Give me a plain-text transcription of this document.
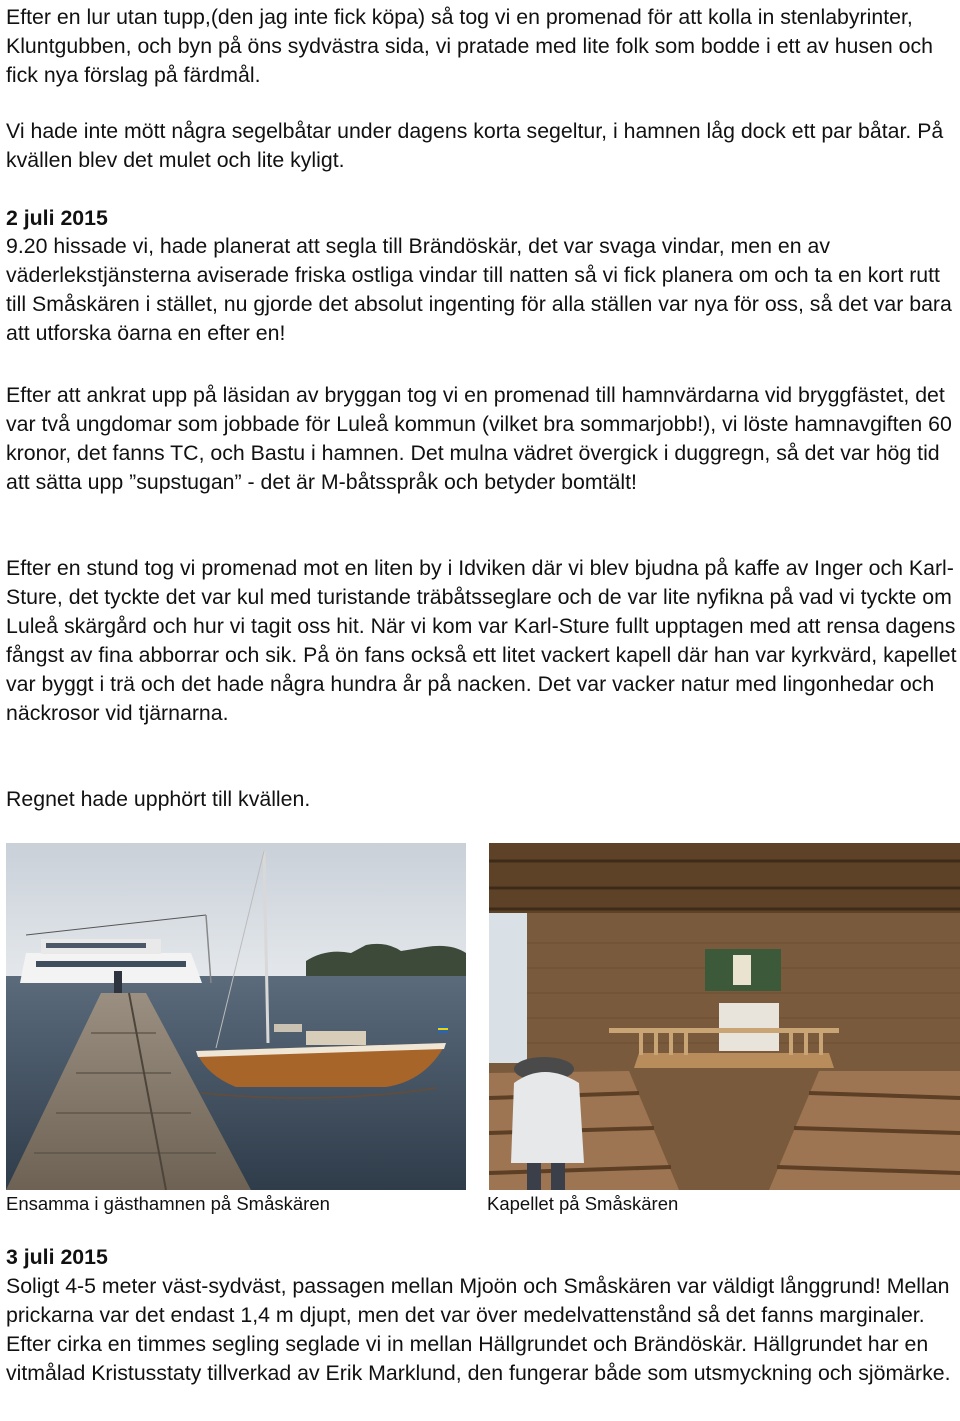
Efter en lur utan tupp,(den jag inte fick köpa) så tog vi en promenad för att kolla in stenlabyrinter, Kluntgubben, och byn på öns sydvästra sida, vi pratade med lite folk som bodde i ett av husen och fick nya förslag på färdmål.

Vi hade inte mött några segelbåtar under dagens korta segeltur, i hamnen låg dock ett par båtar. På kvällen blev det mulet och lite kyligt.

2 juli 2015

9.20 hissade vi, hade planerat att segla till Brändöskär, det var svaga vindar, men en av väderlekstjänsterna aviserade friska ostliga vindar till natten så vi fick planera om och ta en kort rutt till Småskären i stället, nu gjorde det absolut ingenting för alla ställen var nya för oss, så det var bara att utforska öarna en efter en!

Efter att ankrat upp på läsidan av bryggan tog vi en promenad till hamnvärdarna vid bryggfästet, det var två ungdomar som jobbade för Luleå kommun (vilket bra sommarjobb!), vi löste hamnavgiften 60 kronor, det fanns TC, och Bastu i hamnen. Det mulna vädret övergick i duggregn, så det var hög tid att sätta upp ”supstugan” - det är M-båtsspråk och betyder bomtält!

Efter en stund tog vi promenad mot en liten by i Idviken där vi blev bjudna på kaffe av Inger och Karl-Sture, det tyckte det var kul med turistande träbåtsseglare och de var lite nyfikna på vad vi tyckte om Luleå skärgård och hur vi tagit oss hit. När vi kom var Karl-Sture fullt upptagen med att rensa dagens fångst av fina abborrar och sik. På ön fans också ett litet vackert kapell där han var kyrkvärd, kapellet var byggt i trä och det hade några hundra år på nacken. Det var vacker natur med lingonhedar och näckrosor vid tjärnarna.

Regnet hade upphört till kvällen.

Ensamma i gästhamnen på Småskären	Kapellet på Småskären
3 juli 2015

Soligt 4-5 meter väst-sydväst, passagen mellan Mjoön och Småskären var väldigt långgrund! Mellan prickarna var det endast 1,4 m djupt, men det var över medelvattenstånd så det fanns marginaler. Efter cirka en timmes segling seglade vi in mellan Hällgrundet och Brändöskär. Hällgrundet har en vitmålad Kristusstaty tillverkad av Erik Marklund, den fungerar både som utsmyckning och sjömärke.
